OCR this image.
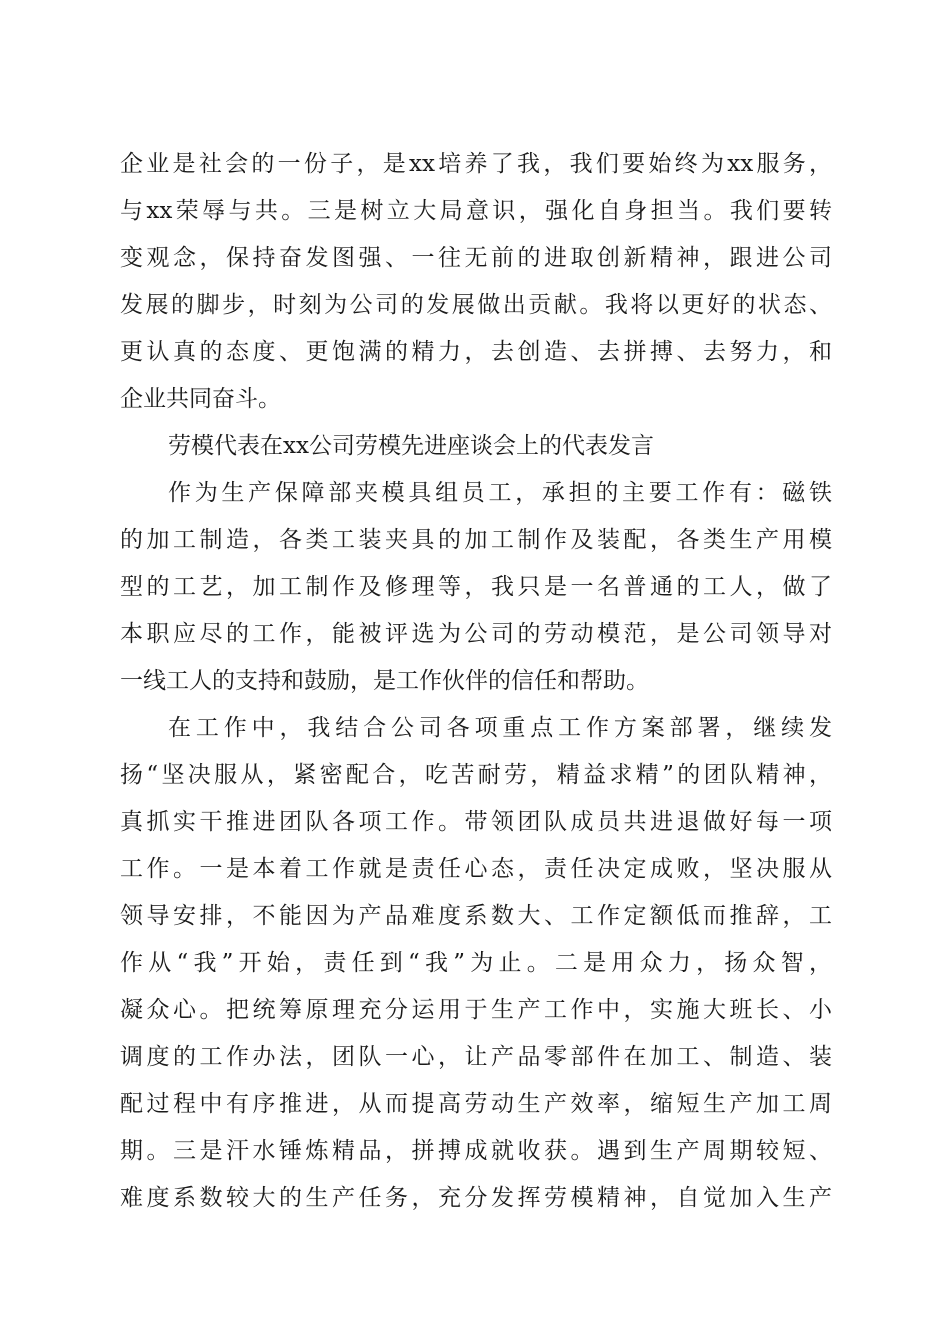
企业是社会的一份子，是xx培养了我，我们要始终为xx服务，
与xx荣辱与共。三是树立大局意识，强化自身担当。我们要转
变观念，保持奋发图强、一往无前的进取创新精神，跟进公司
发展的脚步，时刻为公司的发展做出贡献。我将以更好的状态、
更认真的态度、更饱满的精力，去创造、去拼搏、去努力，和
企业共同奋斗。
劳模代表在xx公司劳模先进座谈会上的代表发言
作为生产保障部夹模具组员工，承担的主要工作有：磁铁
的加工制造，各类工装夹具的加工制作及装配，各类生产用模
型的工艺，加工制作及修理等，我只是一名普通的工人，做了
本职应尽的工作，能被评选为公司的劳动模范，是公司领导对
一线工人的支持和鼓励，是工作伙伴的信任和帮助。
在工作中，我结合公司各项重点工作方案部署，继续发
扬“坚决服从，紧密配合，吃苦耐劳，精益求精”的团队精神，
真抓实干推进团队各项工作。带领团队成员共进退做好每一项
工作。一是本着工作就是责任心态，责任决定成败，坚决服从
领导安排，不能因为产品难度系数大、工作定额低而推辞，工
作从“我”开始，责任到“我”为止。二是用众力，扬众智，
凝众心。把统筹原理充分运用于生产工作中，实施大班长、小
调度的工作办法，团队一心，让产品零部件在加工、制造、装
配过程中有序推进，从而提高劳动生产效率，缩短生产加工周
期。三是汗水锤炼精品，拼搏成就收获。遇到生产周期较短、
难度系数较大的生产任务，充分发挥劳模精神，自觉加入生产
